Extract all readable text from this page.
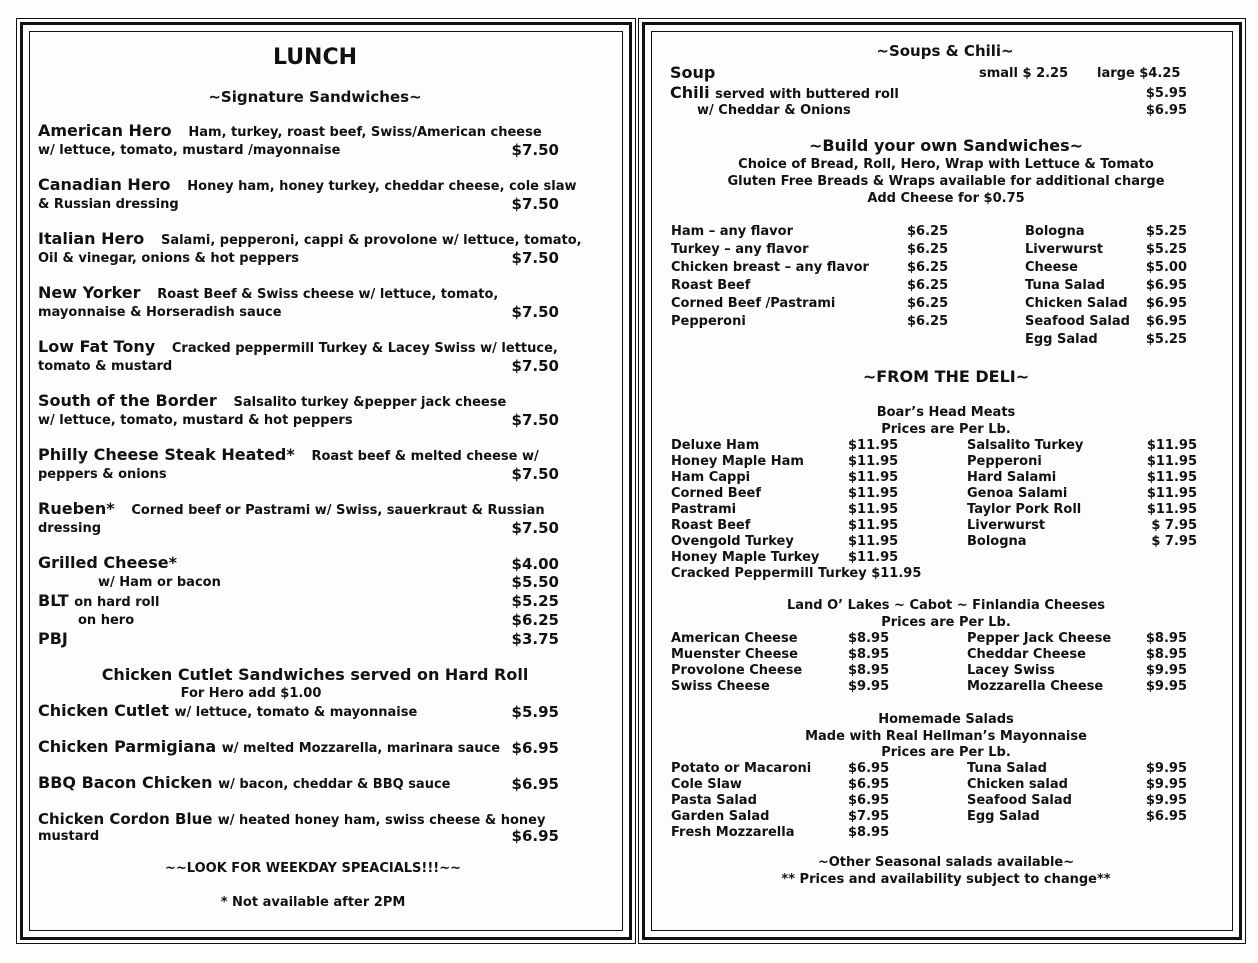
LUNCH
~Signature Sandwiches~
American Hero Ham, turkey, roast beef, Swiss/American cheese
w/ lettuce, tomato, mustard /mayonnaise	$7.50
Canadian Hero Honey ham, honey turkey, cheddar cheese, cole slaw
& Russian dressing	$7.50
Italian Hero Salami, pepperoni, cappi & provolone w/ lettuce, tomato,
Oil & vinegar, onions & hot peppers	$7.50
New Yorker Roast Beef & Swiss cheese w/ lettuce, tomato,
mayonnaise & Horseradish sauce	$7.50
Low Fat Tony Cracked peppermill Turkey & Lacey Swiss w/ lettuce,
tomato & mustard	$7.50
South of the Border Salsalito turkey &pepper jack cheese
w/ lettuce, tomato, mustard & hot peppers	$7.50
Philly Cheese Steak Heated* Roast beef & melted cheese w/
peppers & onions	$7.50
Rueben* Corned beef or Pastrami w/ Swiss, sauerkraut & Russian
dressing	$7.50
Grilled Cheese*	$4.00
w/ Ham or bacon	$5.50
BLT on hard roll	$5.25
on hero	$6.25
PBJ	$3.75
Chicken Cutlet Sandwiches served on Hard Roll
For Hero add $1.00
Chicken Cutlet w/ lettuce, tomato & mayonnaise	$5.95
Chicken Parmigiana w/ melted Mozzarella, marinara sauce $6.95
BBQ Bacon Chicken w/ bacon, cheddar & BBQ sauce	$6.95
Chicken Cordon Blue w/ heated honey ham, swiss cheese & honey
mustard	$6.95
~~LOOK FOR WEEKDAY SPEACIALS!!!~~
* Not available after 2PM
~Soups & Chili~
Soup	small $ 2.25 large $4.25
Chili served with buttered roll	$5.95
w/ Cheddar & Onions	$6.95
~Build your own Sandwiches~
Choice of Bread, Roll, Hero, Wrap with Lettuce & Tomato
Gluten Free Breads & Wraps available for additional charge
Add Cheese for $0.75
Ham – any flavor	$6.25
Turkey – any flavor	$6.25
Chicken breast – any flavor	$6.25
Roast Beef	$6.25
Corned Beef /Pastrami	$6.25
Pepperoni	$6.25
Bologna	$5.25
Liverwurst	$5.25
Cheese	$5.00
Tuna Salad	$6.95
Chicken Salad $6.95
Seafood Salad $6.95
Egg Salad	$5.25
~FROM THE DELI~
Boar’s Head Meats
Prices are Per Lb.
Deluxe Ham	$11.95
Honey Maple Ham	$11.95
Ham Cappi	$11.95
Corned Beef	$11.95
Pastrami	$11.95
Roast Beef	$11.95
Ovengold Turkey	$11.95
Honey Maple Turkey $11.95
Salsalito Turkey	$11.95
Pepperoni	$11.95
Hard Salami	$11.95
Genoa Salami	$11.95
Taylor Pork Roll	$11.95
Liverwurst	$ 7.95
Bologna	$ 7.95
Cracked Peppermill Turkey $11.95
Land O’ Lakes ~ Cabot ~ Finlandia Cheeses
Prices are Per Lb.
American Cheese	$8.95
Muenster Cheese	$8.95
Provolone Cheese	$8.95
Swiss Cheese	$9.95
Pepper Jack Cheese	$8.95
Cheddar Cheese	$8.95
Lacey Swiss	$9.95
Mozzarella Cheese	$9.95
Homemade Salads
Made with Real Hellman’s Mayonnaise
Prices are Per Lb.
Potato or Macaroni	$6.95
Cole Slaw	$6.95
Pasta Salad	$6.95
Garden Salad	$7.95
Fresh Mozzarella	$8.95
Tuna Salad	$9.95
Chicken salad	$9.95
Seafood Salad	$9.95
Egg Salad	$6.95
~Other Seasonal salads available~
** Prices and availability subject to change**
